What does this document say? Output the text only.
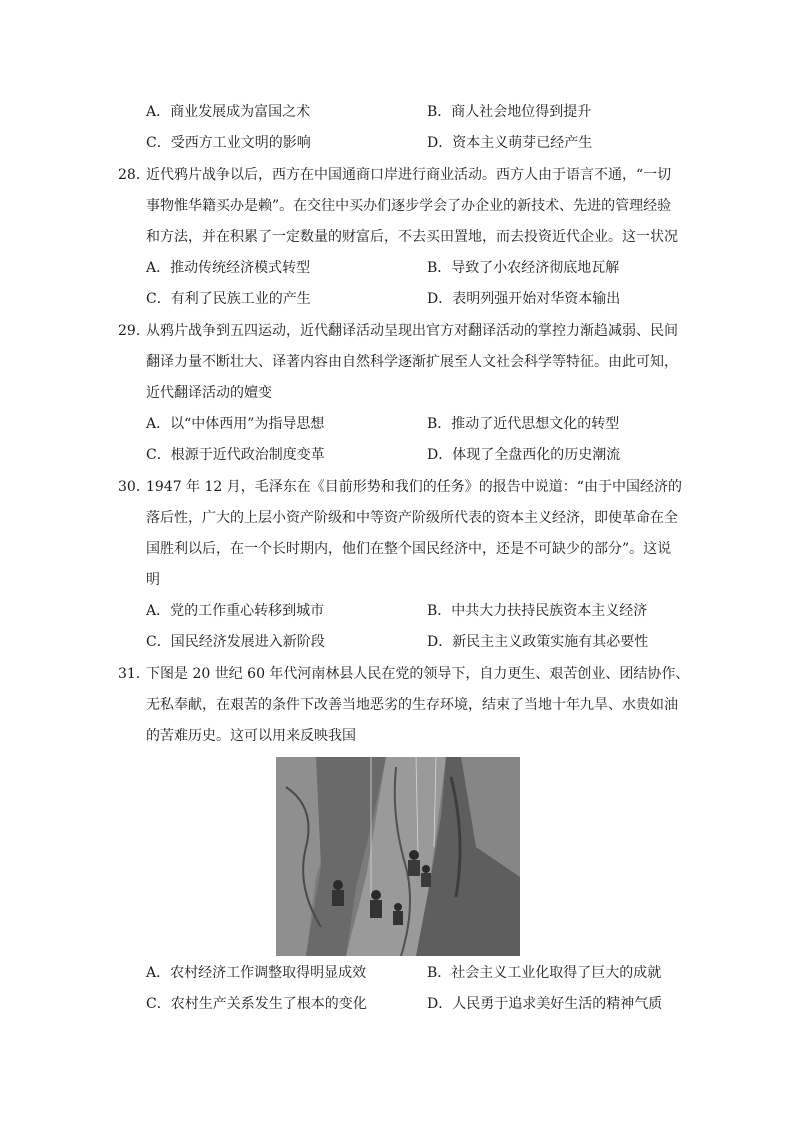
A．商业发展成为富国之术	B．商人社会地位得到提升
C．受西方工业文明的影响	D．资本主义萌芽已经产生
28．
近代鸦片战争以后，西方在中国通商口岸进行商业活动。西方人由于语言不通，“一切
事物惟华籍买办是赖”。在交往中买办们逐步学会了办企业的新技术、先进的管理经验
和方法，并在积累了一定数量的财富后，不去买田置地，而去投资近代企业。这一状况
A．推动传统经济模式转型	B．导致了小农经济彻底地瓦解
C．有利了民族工业的产生	D．表明列强开始对华资本输出
29．
从鸦片战争到五四运动，近代翻译活动呈现出官方对翻译活动的掌控力渐趋减弱、民间
翻译力量不断壮大、译著内容由自然科学逐渐扩展至人文社会科学等特征。由此可知，
近代翻译活动的嬗变
A．以“中体西用”为指导思想	B．推动了近代思想文化的转型
C．根源于近代政治制度变革	D．体现了全盘西化的历史潮流
30．
1947 年 12 月，毛泽东在《目前形势和我们的任务》的报告中说道：“由于中国经济的
落后性，广大的上层小资产阶级和中等资产阶级所代表的资本主义经济，即使革命在全
国胜利以后，在一个长时期内，他们在整个国民经济中，还是不可缺少的部分”。这说
明
A．党的工作重心转移到城市	B．中共大力扶持民族资本主义经济
C．国民经济发展进入新阶段	D．新民主主义政策实施有其必要性
31．
下图是 20 世纪 60 年代河南林县人民在党的领导下，自力更生、艰苦创业、团结协作、
无私奉献，在艰苦的条件下改善当地恶劣的生存环境，结束了当地十年九旱、水贵如油
的苦难历史。这可以用来反映我国
A．农村经济工作调整取得明显成效	B．社会主义工业化取得了巨大的成就
C．农村生产关系发生了根本的变化	D．人民勇于追求美好生活的精神气质
